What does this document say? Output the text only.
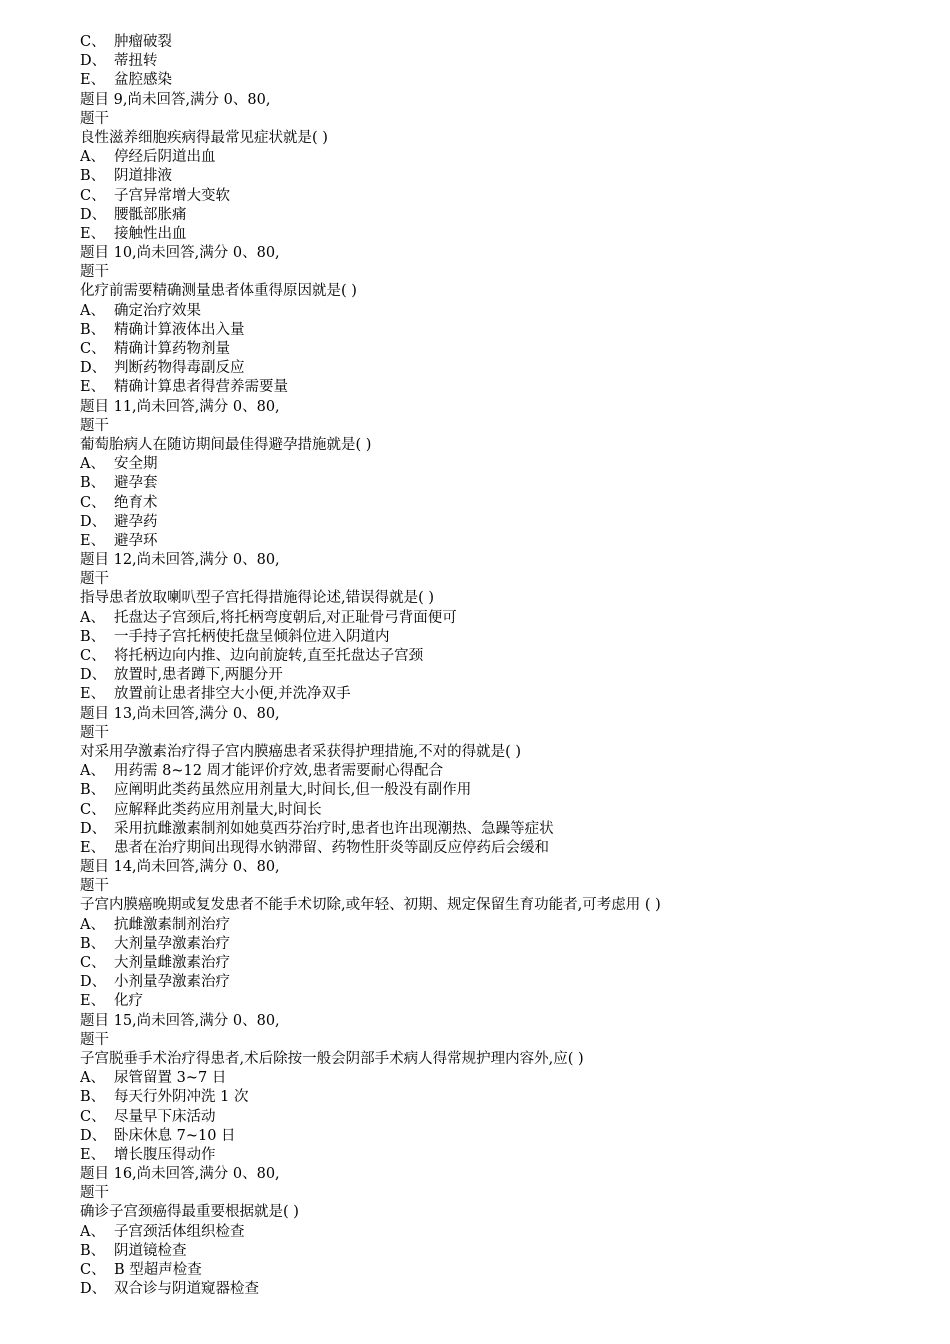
C、 肿瘤破裂
D、 蒂扭转
E、 盆腔感染
题目 9,尚未回答,满分 0、80,
题干
良性滋养细胞疾病得最常见症状就是( )
A、 停经后阴道出血
B、 阴道排液
C、 子宫异常增大变软
D、 腰骶部胀痛
E、 接触性出血
题目 10,尚未回答,满分 0、80,
题干
化疗前需要精确测量患者体重得原因就是( )
A、 确定治疗效果
B、 精确计算液体出入量
C、 精确计算药物剂量
D、 判断药物得毒副反应
E、 精确计算患者得营养需要量
题目 11,尚未回答,满分 0、80,
题干
葡萄胎病人在随访期间最佳得避孕措施就是( )
A、 安全期
B、 避孕套
C、 绝育术
D、 避孕药
E、 避孕环
题目 12,尚未回答,满分 0、80,
题干
指导患者放取喇叭型子宫托得措施得论述,错误得就是( )
A、 托盘达子宫颈后,将托柄弯度朝后,对正耻骨弓背面便可
B、 一手持子宫托柄使托盘呈倾斜位进入阴道内
C、 将托柄边向内推、边向前旋转,直至托盘达子宫颈
D、 放置时,患者蹲下,两腿分开
E、 放置前让患者排空大小便,并洗净双手
题目 13,尚未回答,满分 0、80,
题干
对采用孕激素治疗得子宫内膜癌患者采获得护理措施,不对的得就是( )
A、 用药需 8~12 周才能评价疗效,患者需要耐心得配合
B、 应阐明此类药虽然应用剂量大,时间长,但一般没有副作用
C、 应解释此类药应用剂量大,时间长
D、 采用抗雌激素制剂如她莫西芬治疗时,患者也许出现潮热、急躁等症状
E、 患者在治疗期间出现得水钠滞留、药物性肝炎等副反应停药后会缓和
题目 14,尚未回答,满分 0、80,
题干
子宫内膜癌晚期或复发患者不能手术切除,或年轻、初期、规定保留生育功能者,可考虑用 ( )
A、 抗雌激素制剂治疗
B、 大剂量孕激素治疗
C、 大剂量雌激素治疗
D、 小剂量孕激素治疗
E、 化疗
题目 15,尚未回答,满分 0、80,
题干
子宫脱垂手术治疗得患者,术后除按一般会阴部手术病人得常规护理内容外,应( )
A、 尿管留置 3~7 日
B、 每天行外阴冲洗 1 次
C、 尽量早下床活动
D、 卧床休息 7~10 日
E、 增长腹压得动作
题目 16,尚未回答,满分 0、80,
题干
确诊子宫颈癌得最重要根据就是( )
A、 子宫颈活体组织检查
B、 阴道镜检查
C、 B 型超声检查
D、 双合诊与阴道窥器检查
